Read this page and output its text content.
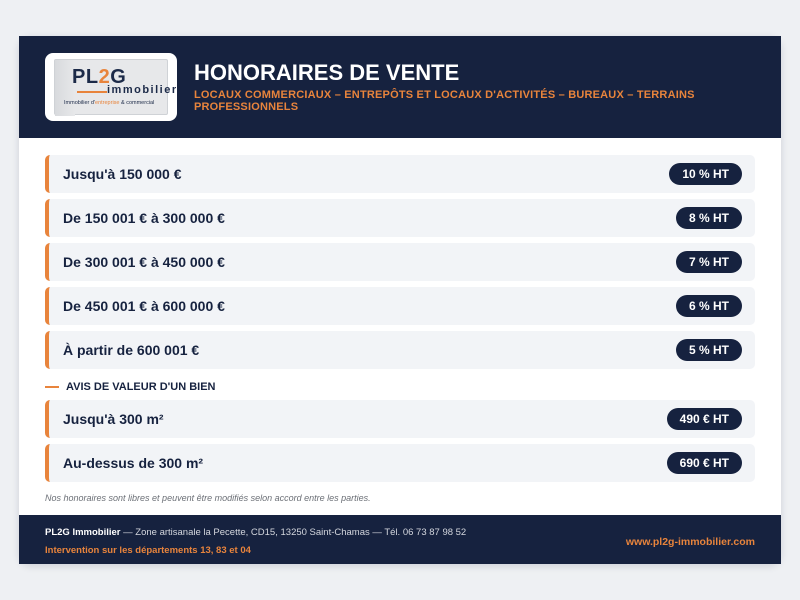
PL2G
immobilier
Immobilier d'entreprise & commercial
HONORAIRES DE VENTE
LOCAUX COMMERCIAUX – ENTREPÔTS ET LOCAUX D'ACTIVITÉS – BUREAUX – TERRAINS PROFESSIONNELS
Jusqu'à 150 000 €	10 % HT
De 150 001 € à 300 000 €	8 % HT
De 300 001 € à 450 000 €	7 % HT
De 450 001 € à 600 000 €	6 % HT
À partir de 600 001 €	5 % HT
AVIS DE VALEUR D'UN BIEN
Jusqu'à 300 m²	490 € HT
Au-dessus de 300 m²	690 € HT
Nos honoraires sont libres et peuvent être modifiés selon accord entre les parties.
PL2G Immobilier — Zone artisanale la Pecette, CD15, 13250 Saint-Chamas — Tél. 06 73 87 98 52
Intervention sur les départements 13, 83 et 04
www.pl2g-immobilier.com
